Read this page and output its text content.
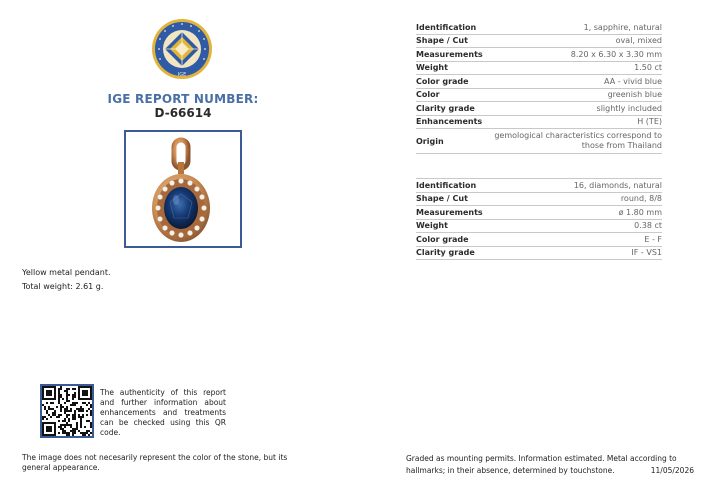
IGE
IGE REPORT NUMBER:
D-66614
Yellow metal pendant.
Total weight: 2.61 g.
Identification	1, sapphire, natural
Shape / Cut	oval, mixed
Measurements	8.20 x 6.30 x 3.30 mm
Weight	1.50 ct
Color grade	AA - vivid blue
Color	greenish blue
Clarity grade	slightly included
Enhancements	H (TE)
Origin	gemological characteristics correspond to those from Thailand
Identification	16, diamonds, natural
Shape / Cut	round, 8/8
Measurements	ø 1.80 mm
Weight	0.38 ct
Color grade	E - F
Clarity grade	IF - VS1
The authenticity of this report and further information about enhancements and treatments can be checked using this QR code.
The image does not necesarily represent the color of the stone, but its general appearance.
Graded as mounting permits. Information estimated. Metal according to hallmarks; in their absence, determined by touchstone.	11/05/2026
